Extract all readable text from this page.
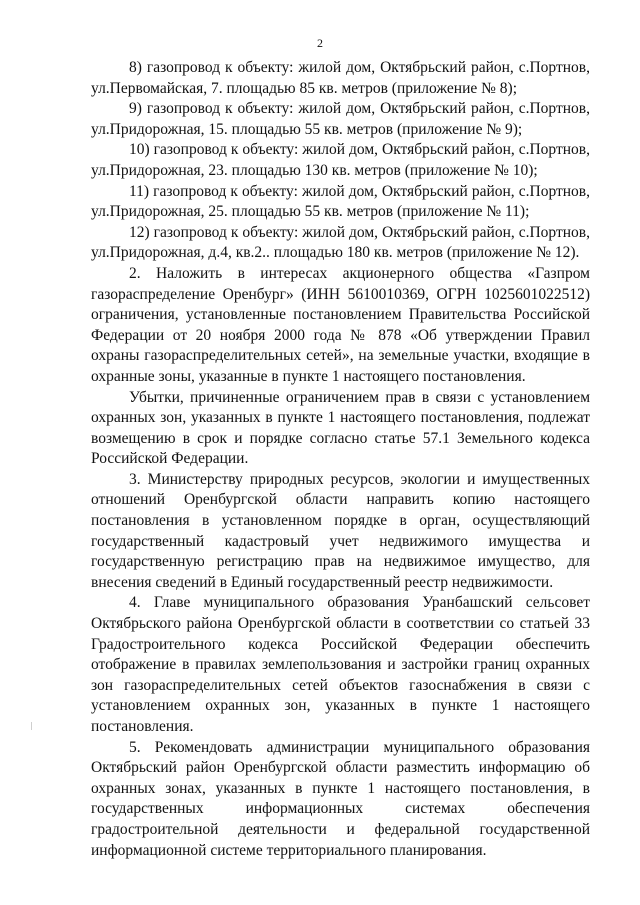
2

8) газопровод к объекту: жилой дом, Октябрьский район, с.Портнов, ул.Первомайская, 7. площадью 85 кв. метров (приложение № 8);

9) газопровод к объекту: жилой дом, Октябрьский район, с.Портнов, ул.Придорожная, 15. площадью 55 кв. метров (приложение № 9);

10) газопровод к объекту: жилой дом, Октябрьский район, с.Портнов, ул.Придорожная, 23. площадью 130 кв. метров (приложение № 10);

11) газопровод к объекту: жилой дом, Октябрьский район, с.Портнов, ул.Придорожная, 25. площадью 55 кв. метров (приложение № 11);

12) газопровод к объекту: жилой дом, Октябрьский район, с.Портнов, ул.Придорожная, д.4, кв.2.. площадью 180 кв. метров (приложение № 12).

2. Наложить в интересах акционерного общества «Газпром газораспределение Оренбург» (ИНН 5610010369, ОГРН 1025601022512) ограничения, установленные постановлением Правительства Российской Федерации от 20 ноября 2000 года № 878 «Об утверждении Правил охраны газораспределительных сетей», на земельные участки, входящие в охранные зоны, указанные в пункте 1 настоящего постановления.

Убытки, причиненные ограничением прав в связи с установлением охранных зон, указанных в пункте 1 настоящего постановления, подлежат возмещению в срок и порядке согласно статье 57.1 Земельного кодекса Российской Федерации.

3. Министерству природных ресурсов, экологии и имущественных отношений Оренбургской области направить копию настоящего постановления в установленном порядке в орган, осуществляющий государственный кадастровый учет недвижимого имущества и государственную регистрацию прав на недвижимое имущество, для внесения сведений в Единый государственный реестр недвижимости.

4. Главе муниципального образования Уранбашский сельсовет Октябрьского района Оренбургской области в соответствии со статьей 33 Градостроительного кодекса Российской Федерации обеспечить отображение в правилах землепользования и застройки границ охранных зон газораспределительных сетей объектов газоснабжения в связи с установлением охранных зон, указанных в пункте 1 настоящего постановления.

5. Рекомендовать администрации муниципального образования Октябрьский район Оренбургской области разместить информацию об охранных зонах, указанных в пункте 1 настоящего постановления, в государственных информационных системах обеспечения градостроительной деятельности и федеральной государственной информационной системе территориального планирования.
